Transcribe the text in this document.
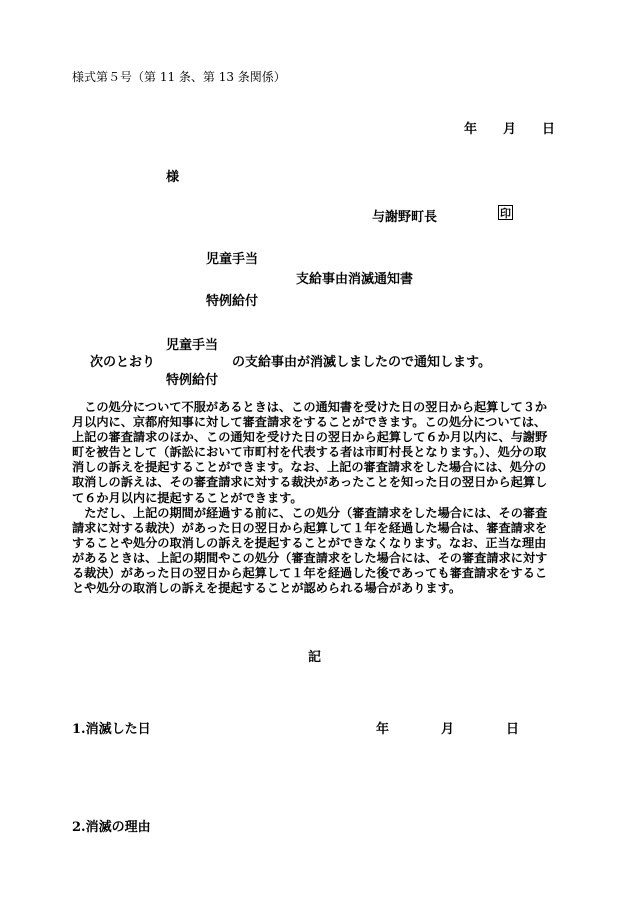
様式第５号（第 11 条、第 13 条関係）
年 月 日
様
与謝野町長	印
児童手当
支給事由消滅通知書
特例給付
児童手当
次のとおり	の支給事由が消滅しましたので通知します。
特例給付

この処分について不服があるときは、この通知書を受けた日の翌日から起算して３か月以内に、京都府知事に対して審査請求をすることができます。この処分については、上記の審査請求のほか、この通知を受けた日の翌日から起算して６か月以内に、与謝野町を被告として（訴訟において市町村を代表する者は市町村長となります。）、処分の取消しの訴えを提起することができます。なお、上記の審査請求をした場合には、処分の取消しの訴えは、その審査請求に対する裁決があったことを知った日の翌日から起算して６か月以内に提起することができます。

ただし、上記の期間が経過する前に、この処分（審査請求をした場合には、その審査請求に対する裁決）があった日の翌日から起算して１年を経過した場合は、審査請求をすることや処分の取消しの訴えを提起することができなくなります。なお、正当な理由があるときは、上記の期間やこの処分（審査請求をした場合には、その審査請求に対する裁決）があった日の翌日から起算して１年を経過した後であっても審査請求をすることや処分の取消しの訴えを提起することが認められる場合があります。

記
1.消滅した日	年	月	日
2.消滅の理由
